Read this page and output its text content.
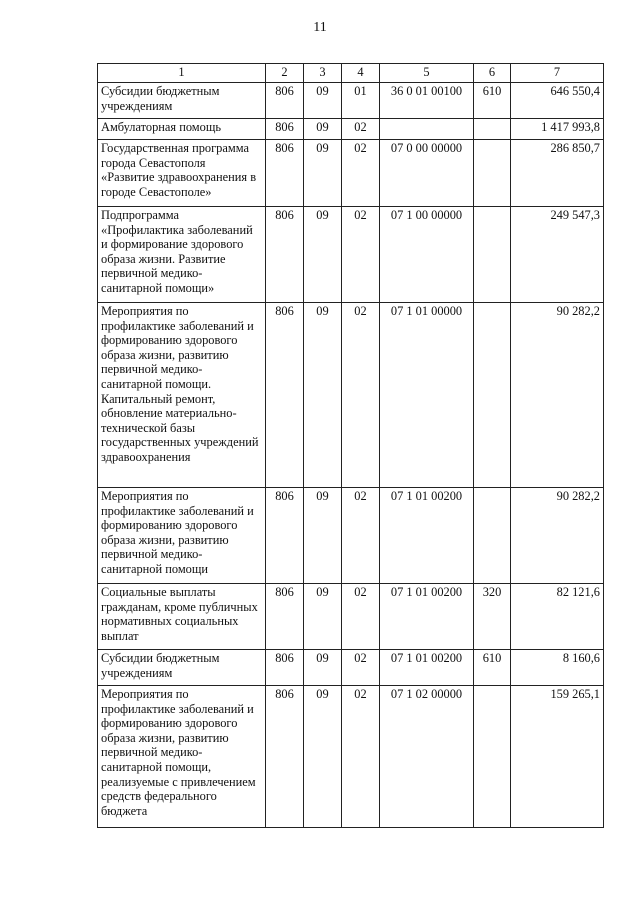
11
1	2	3	4	5	6	7
Субсидии бюджетным учреждениям	806	09	01	36 0 01 00100	610	646 550,4
Амбулаторная помощь	806	09	02			1 417 993,8
Государственная программа города Севастополя «Развитие здравоохранения в городе Севастополе»	806	09	02	07 0 00 00000		286 850,7
Подпрограмма «Профилактика заболеваний и формирование здорового образа жизни. Развитие первичной медико-санитарной помощи»	806	09	02	07 1 00 00000		249 547,3
Мероприятия по профилактике заболеваний и формированию здорового образа жизни, развитию первичной медико-санитарной помощи. Капитальный ремонт, обновление материально-технической базы государственных учреждений здравоохранения	806	09	02	07 1 01 00000		90 282,2
Мероприятия по профилактике заболеваний и формированию здорового образа жизни, развитию первичной медико-санитарной помощи	806	09	02	07 1 01 00200		90 282,2
Социальные выплаты гражданам, кроме публичных нормативных социальных выплат	806	09	02	07 1 01 00200	320	82 121,6
Субсидии бюджетным учреждениям	806	09	02	07 1 01 00200	610	8 160,6
Мероприятия по профилактике заболеваний и формированию здорового образа жизни, развитию первичной медико-санитарной помощи, реализуемые с привлечением средств федерального бюджета	806	09	02	07 1 02 00000		159 265,1
